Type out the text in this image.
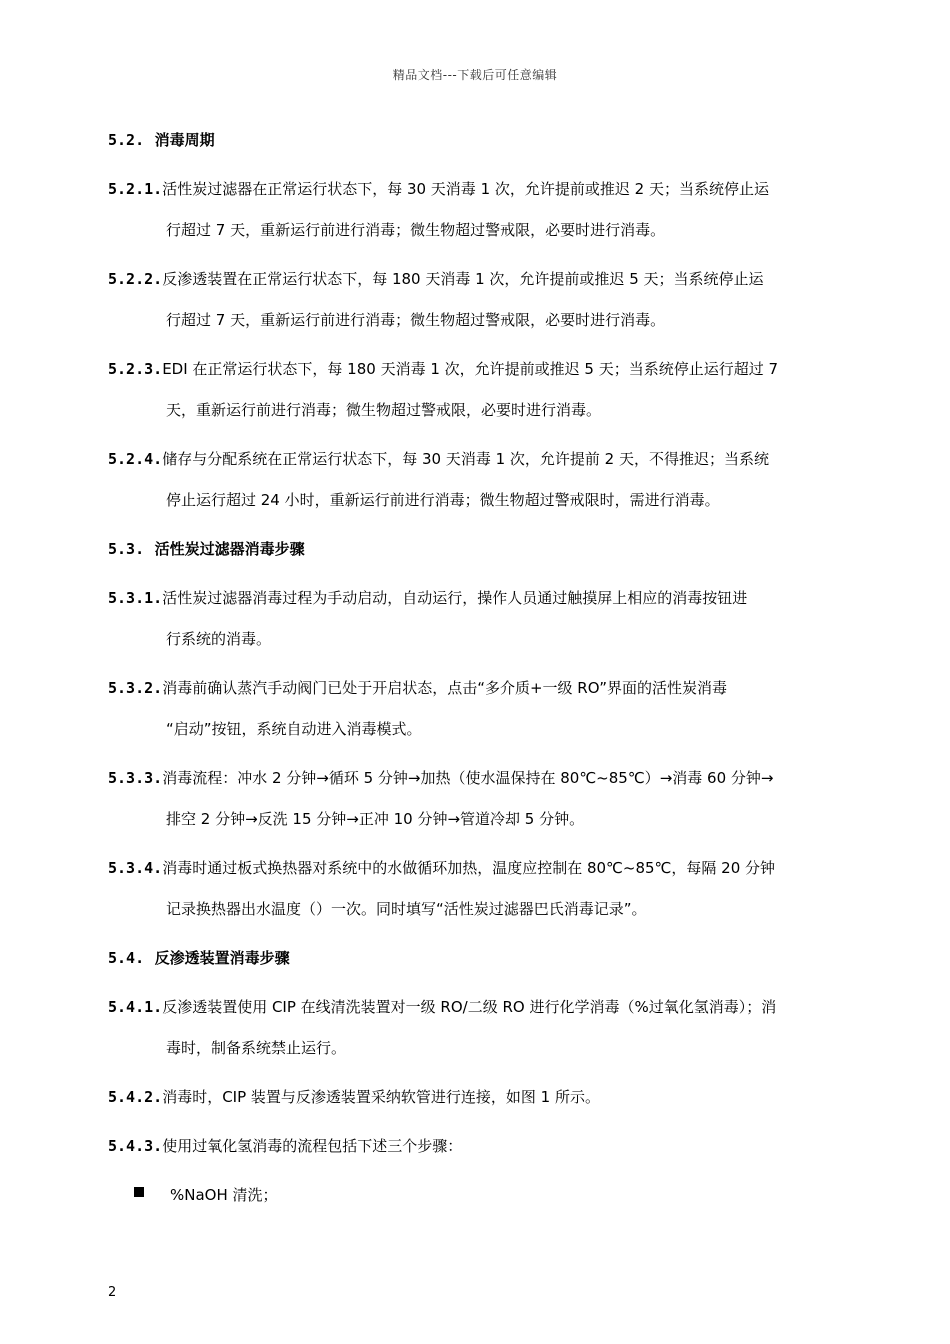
精品文档---下载后可任意编辑
5.2. 消毒周期
5.2.1.活性炭过滤器在正常运行状态下，每 30 天消毒 1 次，允许提前或推迟 2 天；当系统停止运
行超过 7 天，重新运行前进行消毒；微生物超过警戒限，必要时进行消毒。
5.2.2.反渗透装置在正常运行状态下，每 180 天消毒 1 次，允许提前或推迟 5 天；当系统停止运
行超过 7 天，重新运行前进行消毒；微生物超过警戒限，必要时进行消毒。
5.2.3.EDI 在正常运行状态下，每 180 天消毒 1 次，允许提前或推迟 5 天；当系统停止运行超过 7
天，重新运行前进行消毒；微生物超过警戒限，必要时进行消毒。
5.2.4.储存与分配系统在正常运行状态下，每 30 天消毒 1 次，允许提前 2 天，不得推迟；当系统
停止运行超过 24 小时，重新运行前进行消毒；微生物超过警戒限时，需进行消毒。
5.3. 活性炭过滤器消毒步骤
5.3.1.活性炭过滤器消毒过程为手动启动，自动运行，操作人员通过触摸屏上相应的消毒按钮进
行系统的消毒。
5.3.2.消毒前确认蒸汽手动阀门已处于开启状态，点击“多介质+一级 RO”界面的活性炭消毒
“启动”按钮，系统自动进入消毒模式。
5.3.3.消毒流程：冲水 2 分钟→循环 5 分钟→加热（使水温保持在 80℃~85℃）→消毒 60 分钟→
排空 2 分钟→反洗 15 分钟→正冲 10 分钟→管道冷却 5 分钟。
5.3.4.消毒时通过板式换热器对系统中的水做循环加热，温度应控制在 80℃~85℃，每隔 20 分钟
记录换热器出水温度（）一次。同时填写“活性炭过滤器巴氏消毒记录”。
5.4. 反渗透装置消毒步骤
5.4.1.反渗透装置使用 CIP 在线清洗装置对一级 RO/二级 RO 进行化学消毒（%过氧化氢消毒）；消
毒时，制备系统禁止运行。
5.4.2.消毒时，CIP 装置与反渗透装置采纳软管进行连接，如图 1 所示。
5.4.3.使用过氧化氢消毒的流程包括下述三个步骤：
%NaOH 清洗；
2
